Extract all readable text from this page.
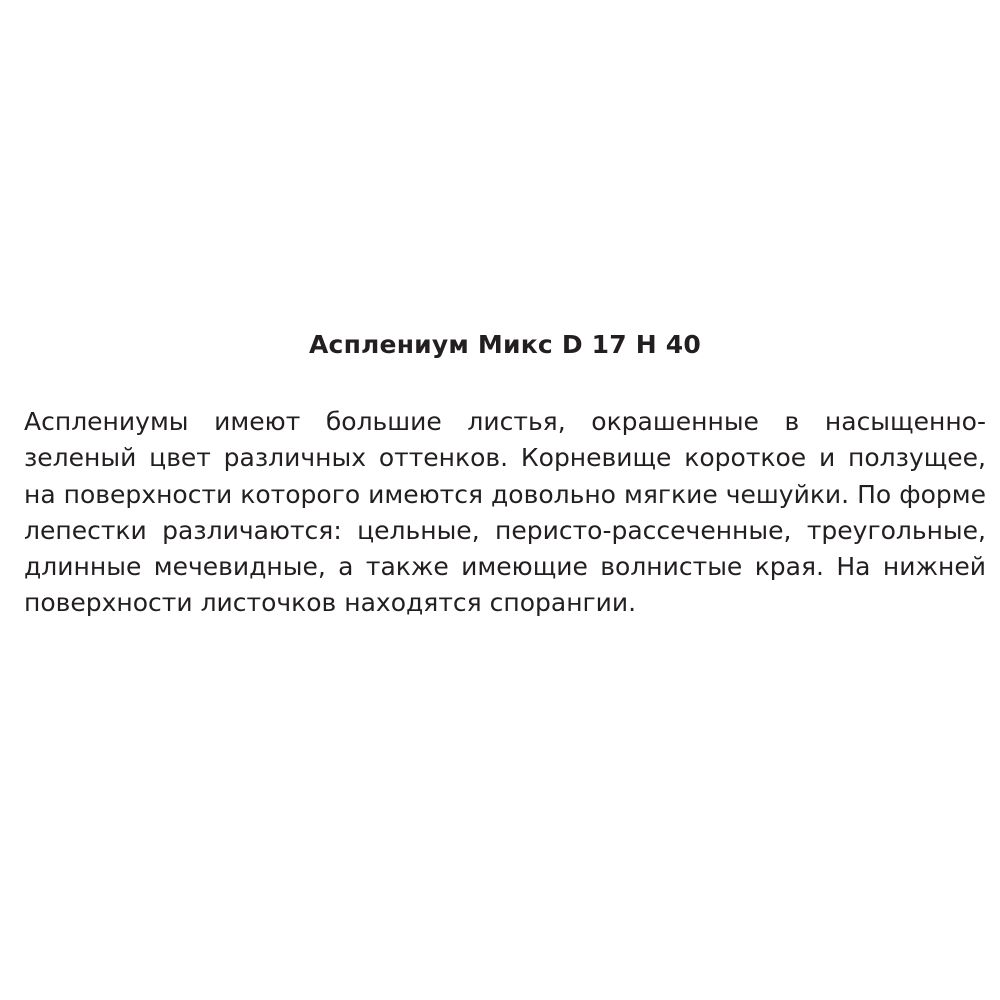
Асплениум Микс D 17 H 40

Асплениумы имеют большие листья, окрашенные в насыщенно-зеленый цвет различных оттенков. Корневище короткое и ползущее, на поверхности которого имеются довольно мягкие чешуйки. По форме лепестки различаются: цельные, перисто-рассеченные, треугольные, длинные мечевидные, а также имеющие волнистые края. На нижней поверхности листочков находятся спорангии.
